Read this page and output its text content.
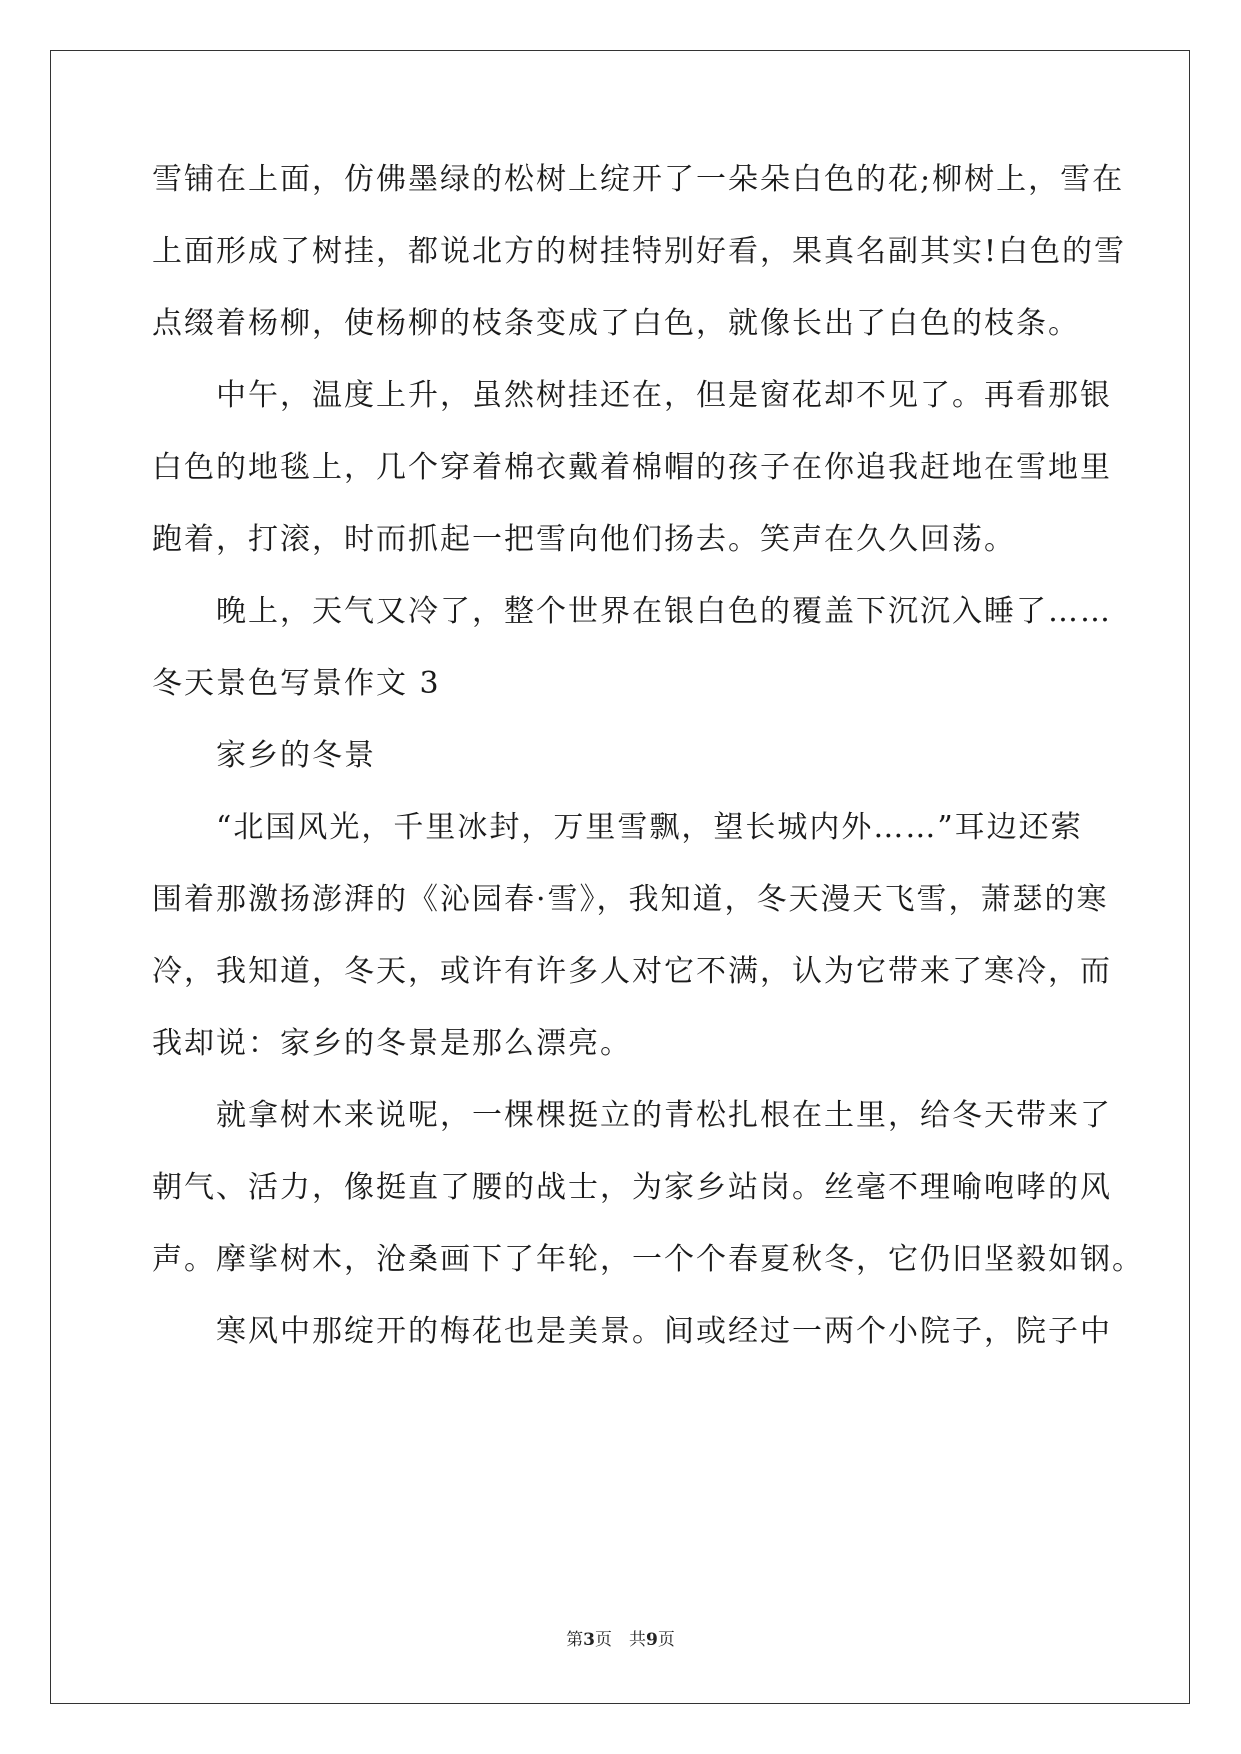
雪铺在上面，仿佛墨绿的松树上绽开了一朵朵白色的花;柳树上，雪在
上面形成了树挂，都说北方的树挂特别好看，果真名副其实!白色的雪
点缀着杨柳，使杨柳的枝条变成了白色，就像长出了白色的枝条。
中午，温度上升，虽然树挂还在，但是窗花却不见了。再看那银
白色的地毯上，几个穿着棉衣戴着棉帽的孩子在你追我赶地在雪地里
跑着，打滚，时而抓起一把雪向他们扬去。笑声在久久回荡。
晚上，天气又冷了，整个世界在银白色的覆盖下沉沉入睡了……
冬天景色写景作文 3
家乡的冬景
“北国风光，千里冰封，万里雪飘，望长城内外……”耳边还萦
围着那激扬澎湃的《沁园春·雪》，我知道，冬天漫天飞雪，萧瑟的寒
冷，我知道，冬天，或许有许多人对它不满，认为它带来了寒冷，而
我却说：家乡的冬景是那么漂亮。
就拿树木来说呢，一棵棵挺立的青松扎根在土里，给冬天带来了
朝气、活力，像挺直了腰的战士，为家乡站岗。丝毫不理喻咆哮的风
声。摩挲树木，沧桑画下了年轮，一个个春夏秋冬，它仍旧坚毅如钢。
寒风中那绽开的梅花也是美景。间或经过一两个小院子，院子中
第3页　共9页
